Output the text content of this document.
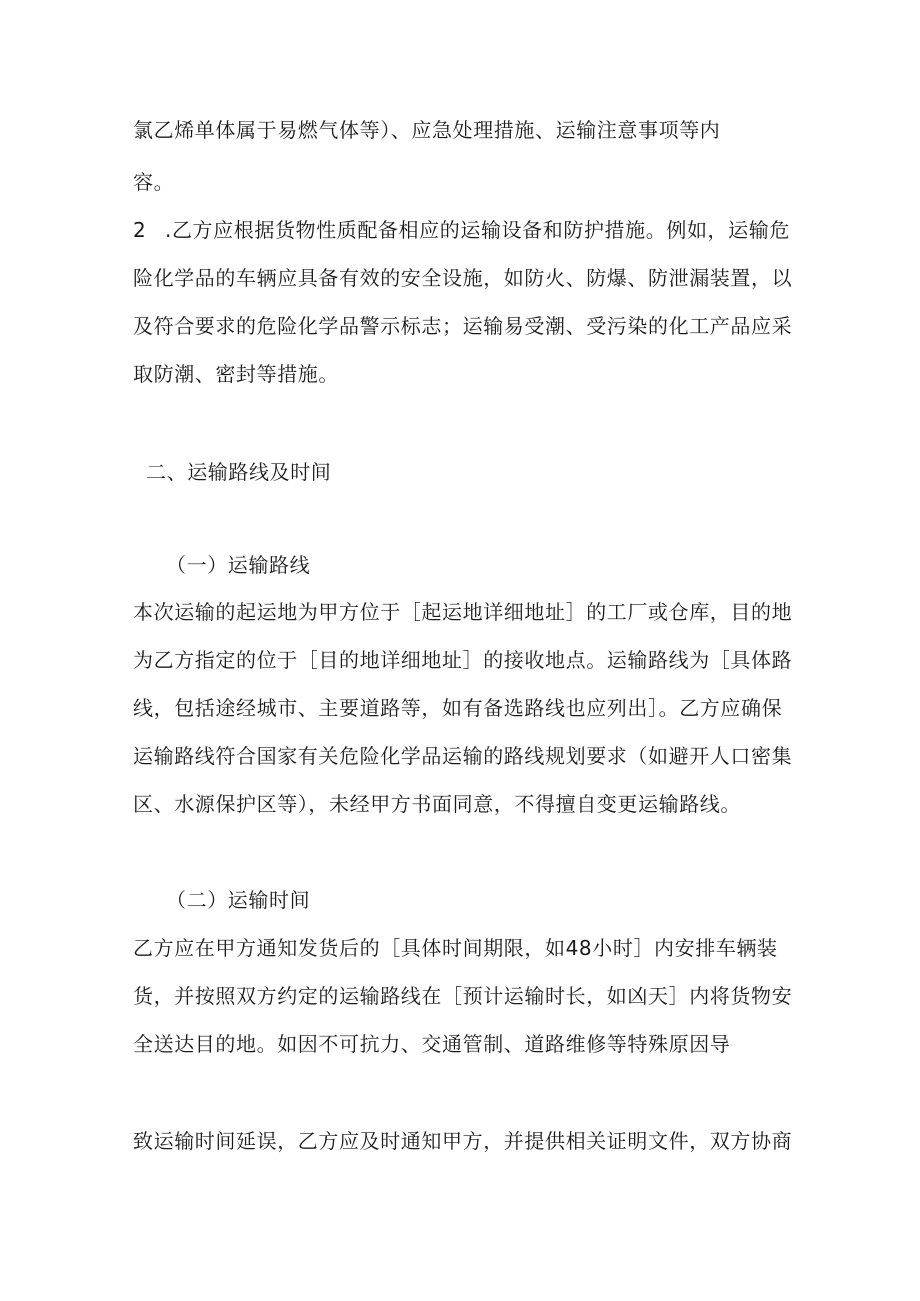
氯乙烯单体属于易燃气体等）、应急处理措施、运输注意事项等内
容。
2 .乙方应根据货物性质配备相应的运输设备和防护措施。例如，运输危
险化学品的车辆应具备有效的安全设施，如防火、防爆、防泄漏装置，以
及符合要求的危险化学品警示标志；运输易受潮、受污染的化工产品应采
取防潮、密封等措施。
二、运输路线及时间
（一）运输路线
本次运输的起运地为甲方位于［起运地详细地址］的工厂或仓库，目的地
为乙方指定的位于［目的地详细地址］的接收地点。运输路线为［具体路
线，包括途经城市、主要道路等，如有备选路线也应列出］。乙方应确保
运输路线符合国家有关危险化学品运输的路线规划要求（如避开人口密集
区、水源保护区等），未经甲方书面同意，不得擅自变更运输路线。
（二）运输时间
乙方应在甲方通知发货后的［具体时间期限，如48小时］内安排车辆装
货，并按照双方约定的运输路线在［预计运输时长，如凶天］内将货物安
全送达目的地。如因不可抗力、交通管制、道路维修等特殊原因导
致运输时间延误，乙方应及时通知甲方，并提供相关证明文件，双方协商
